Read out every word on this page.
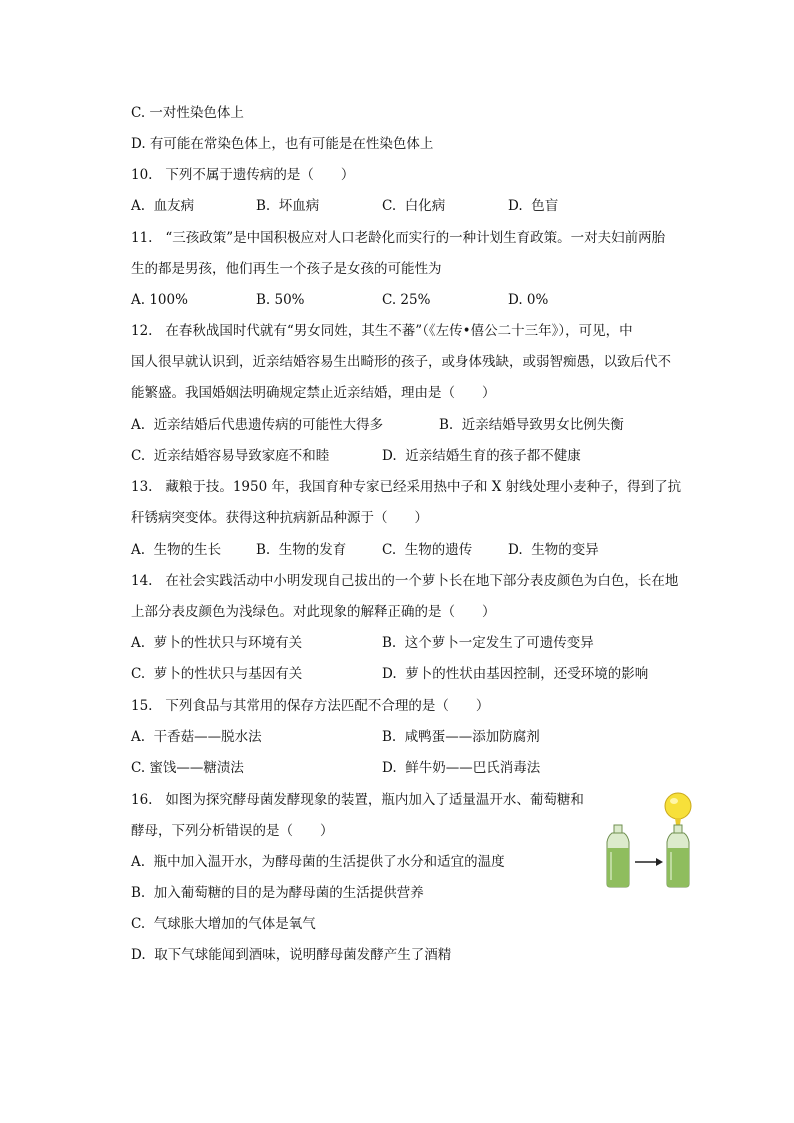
C. 一对性染色体上
D. 有可能在常染色体上，也有可能是在性染色体上
10.   下列不属于遗传病的是（　　）
A.  血友病	B.  坏血病	C.  白化病	D.  色盲
11.   “三孩政策”是中国积极应对人口老龄化而实行的一种计划生育政策。一对夫妇前两胎
生的都是男孩，他们再生一个孩子是女孩的可能性为
A. 100%	B. 50%	C. 25%	D. 0%
12.   在春秋战国时代就有“男女同姓，其生不蕃”（《左传•僖公二十三年》），可见，中
国人很早就认识到，近亲结婚容易生出畸形的孩子，或身体残缺，或弱智痴愚，以致后代不
能繁盛。我国婚姻法明确规定禁止近亲结婚，理由是（　　）
A.  近亲结婚后代患遗传病的可能性大得多	B.  近亲结婚导致男女比例失衡
C.  近亲结婚容易导致家庭不和睦	D.  近亲结婚生育的孩子都不健康
13.   藏粮于技。1950 年，我国育种专家已经采用热中子和 X 射线处理小麦种子，得到了抗
秆锈病突变体。获得这种抗病新品种源于（　　）
A.  生物的生长	B.  生物的发育	C.  生物的遗传	D.  生物的变异
14.   在社会实践活动中小明发现自己拔出的一个萝卜长在地下部分表皮颜色为白色，长在地
上部分表皮颜色为浅绿色。对此现象的解释正确的是（　　）
A.  萝卜的性状只与环境有关	B.  这个萝卜一定发生了可遗传变异
C.  萝卜的性状只与基因有关	D.  萝卜的性状由基因控制，还受环境的影响
15.   下列食品与其常用的保存方法匹配不合理的是（　　）
A.  干香菇——脱水法	B.  咸鸭蛋——添加防腐剂
C. 蜜饯——糖渍法	D.  鲜牛奶——巴氏消毒法
16.   如图为探究酵母菌发酵现象的装置，瓶内加入了适量温开水、葡萄糖和
酵母，下列分析错误的是（　　）
A.  瓶中加入温开水，为酵母菌的生活提供了水分和适宜的温度
B.  加入葡萄糖的目的是为酵母菌的生活提供营养
C.  气球胀大增加的气体是氧气
D.  取下气球能闻到酒味，说明酵母菌发酵产生了酒精
